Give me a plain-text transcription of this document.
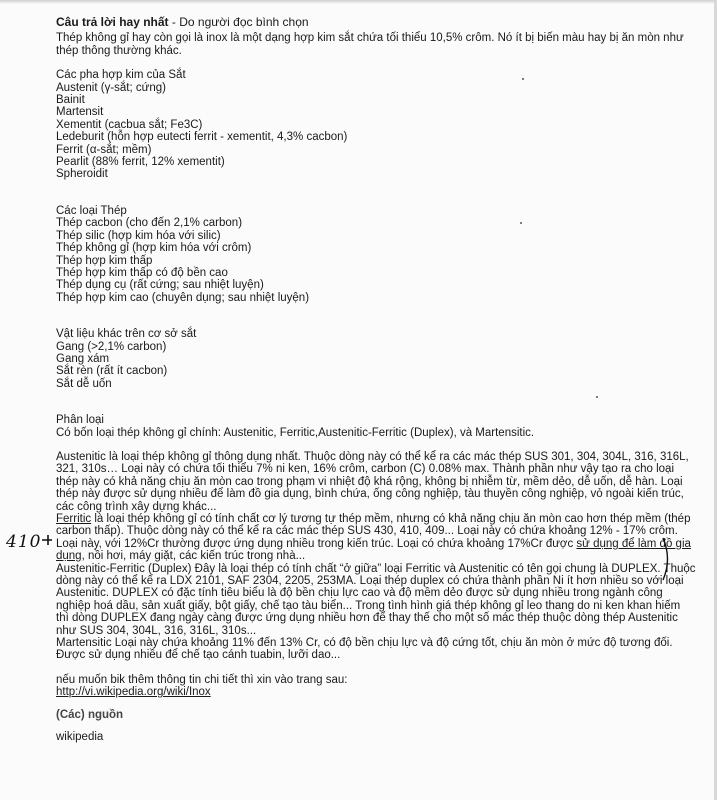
Câu trả lời hay nhất - Do người đọc bình chọn

Thép không gỉ hay còn gọi là inox là một dạng hợp kim sắt chứa tối thiểu 10,5% crôm. Nó ít bị biến màu hay bị ăn mòn như thép thông thường khác.

Các pha hợp kim của Sắt
Austenit (γ-sắt; cứng)
Bainit
Martensit
Xementit (cacbua sắt; Fe3C)
Ledeburit (hỗn hợp eutecti ferrit - xementit, 4,3% cacbon)
Ferrit (α-sắt; mềm)
Pearlit (88% ferrit, 12% xementit)
Spheroidit
Các loại Thép
Thép cacbon (cho đến 2,1% carbon)
Thép silic (hợp kim hóa với silic)
Thép không gỉ (hợp kim hóa với crôm)
Thép hợp kim thấp
Thép hợp kim thấp có độ bền cao
Thép dụng cụ (rất cứng; sau nhiệt luyện)
Thép hợp kim cao (chuyên dụng; sau nhiệt luyện)
Vật liệu khác trên cơ sở sắt
Gang (>2,1% carbon)
Gang xám
Sắt rèn (rất ít cacbon)
Sắt dễ uốn
Phân loại
Có bốn loại thép không gỉ chính: Austenitic, Ferritic,Austenitic-Ferritic (Duplex), và Martensitic.

Austenitic là loại thép không gỉ thông dụng nhất. Thuộc dòng này có thể kể ra các mác thép SUS 301, 304, 304L, 316, 316L, 321, 310s… Loại này có chứa tối thiểu 7% ni ken, 16% crôm, carbon (C) 0.08% max. Thành phần như vậy tạo ra cho loại thép này có khả năng chịu ăn mòn cao trong phạm vi nhiệt độ khá rộng, không bị nhiễm từ, mềm dẻo, dễ uốn, dễ hàn. Loại thép này được sử dụng nhiều để làm đồ gia dụng, bình chứa, ống công nghiệp, tàu thuyền công nghiệp, vỏ ngoài kiến trúc, các công trình xây dựng khác...

Ferritic là loại thép không gỉ có tính chất cơ lý tương tự thép mềm, nhưng có khả năng chịu ăn mòn cao hơn thép mềm (thép carbon thấp). Thuộc dòng này có thể kể ra các mác thép SUS 430, 410, 409... Loại này có chứa khoảng 12% - 17% crôm. Loại này, với 12%Cr thường được ứng dụng nhiều trong kiến trúc. Loại có chứa khoảng 17%Cr được sử dụng để làm đồ gia dụng, nồi hơi, máy giặt, các kiến trúc trong nhà...

Austenitic-Ferritic (Duplex) Đây là loại thép có tính chất “ở giữa” loại Ferritic và Austenitic có tên gọi chung là DUPLEX. Thuộc dòng này có thể kể ra LDX 2101, SAF 2304, 2205, 253MA. Loại thép duplex có chứa thành phần Ni ít hơn nhiều so với loại Austenitic. DUPLEX có đặc tính tiêu biểu là độ bền chịu lực cao và độ mềm dẻo được sử dụng nhiều trong ngành công nghiệp hoá dầu, sản xuất giấy, bột giấy, chế tạo tàu biển... Trong tình hình giá thép không gỉ leo thang do ni ken khan hiếm thì dòng DUPLEX đang ngày càng được ứng dụng nhiều hơn để thay thế cho một số mác thép thuộc dòng thép Austenitic như SUS 304, 304L, 316, 316L, 310s...

Martensitic Loại này chứa khoảng 11% đến 13% Cr, có độ bền chịu lực và độ cứng tốt, chịu ăn mòn ở mức độ tương đối. Được sử dụng nhiều để chế tạo cánh tuabin, lưỡi dao...

nếu muốn bik thêm thông tin chi tiết thì xin vào trang sau:
http://vi.wikipedia.org/wiki/Inox
(Các) nguồn
wikipedia
410
